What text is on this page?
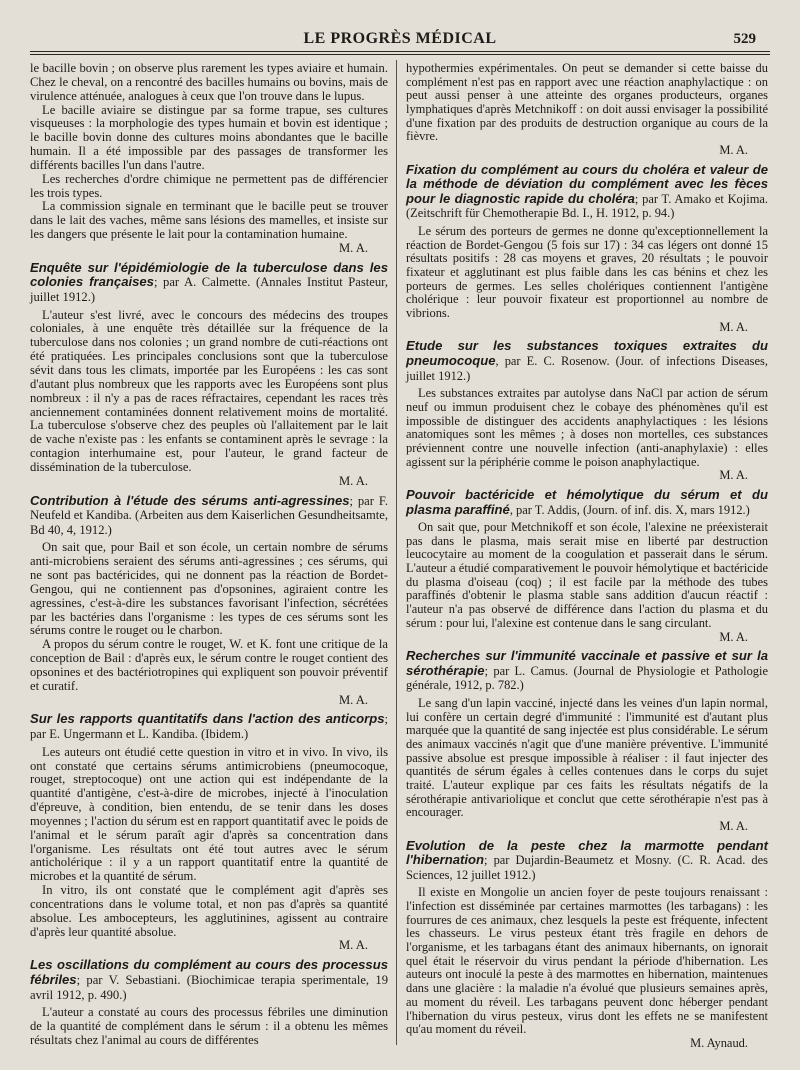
LE PROGRÈS MÉDICAL	529

le bacille bovin ; on observe plus rarement les types aviaire et humain. Chez le cheval, on a rencontré des bacilles humains ou bovins, mais de virulence atténuée, analogues à ceux que l'on trouve dans le lupus.

Le bacille aviaire se distingue par sa forme trapue, ses cultures visqueuses : la morphologie des types humain et bovin est identique ; le bacille bovin donne des cultures moins abondantes que le bacille humain. Il a été impossible par des passages de transformer les différents bacilles l'un dans l'autre.

Les recherches d'ordre chimique ne permettent pas de différencier les trois types.

La commission signale en terminant que le bacille peut se trouver dans le lait des vaches, même sans lésions des mamelles, et insiste sur les dangers que présente le lait pour la contamination humaine.

M. A.

Enquête sur l'épidémiologie de la tuberculose dans les colonies françaises; par A. Calmette. (Annales Institut Pasteur, juillet 1912.)

L'auteur s'est livré, avec le concours des médecins des troupes coloniales, à une enquête très détaillée sur la fréquence de la tuberculose dans nos colonies ; un grand nombre de cuti-réactions ont été pratiquées. Les principales conclusions sont que la tuberculose sévit dans tous les climats, importée par les Européens : les cas sont d'autant plus nombreux que les rapports avec les Européens sont plus nombreux : il n'y a pas de races réfractaires, cependant les races très anciennement contaminées donnent relativement moins de mortalité. La tuberculose s'observe chez des peuples où l'allaitement par le lait de vache n'existe pas : les enfants se contaminent après le sevrage : la contagion interhumaine est, pour l'auteur, le grand facteur de dissémination de la tuberculose.

M. A.

Contribution à l'étude des sérums anti-agressines; par F. Neufeld et Kandiba. (Arbeiten aus dem Kaiserlichen Gesundheitsamte, Bd 40, 4, 1912.)

On sait que, pour Bail et son école, un certain nombre de sérums anti-microbiens seraient des sérums anti-agressines ; ces sérums, qui ne sont pas bactéricides, qui ne donnent pas la réaction de Bordet-Gengou, qui ne contiennent pas d'opsonines, agiraient contre les agressines, c'est-à-dire les substances favorisant l'infection, sécrétées par les bactéries dans l'organisme : les types de ces sérums sont les sérums contre le rouget ou le charbon.

A propos du sérum contre le rouget, W. et K. font une critique de la conception de Bail : d'après eux, le sérum contre le rouget contient des opsonines et des bactériotropines qui expliquent son pouvoir préventif et curatif.

M. A.

Sur les rapports quantitatifs dans l'action des anticorps; par E. Ungermann et L. Kandiba. (Ibidem.)

Les auteurs ont étudié cette question in vitro et in vivo. In vivo, ils ont constaté que certains sérums antimicrobiens (pneumocoque, rouget, streptocoque) ont une action qui est indépendante de la quantité d'antigène, c'est-à-dire de microbes, injecté à l'inoculation d'épreuve, à condition, bien entendu, de se tenir dans les doses moyennes ; l'action du sérum est en rapport quantitatif avec le poids de l'animal et le sérum paraît agir d'après sa concentration dans l'organisme. Les résultats ont été tout autres avec le sérum anticholérique : il y a un rapport quantitatif entre la quantité de microbes et la quantité de sérum.

In vitro, ils ont constaté que le complément agit d'après ses concentrations dans le volume total, et non pas d'après sa quantité absolue. Les ambocepteurs, les agglutinines, agissent au contraire d'après leur quantité absolue.

M. A.

Les oscillations du complément au cours des processus fébriles; par V. Sebastiani. (Biochimicae terapia sperimentale, 19 avril 1912, p. 490.)

L'auteur a constaté au cours des processus fébriles une diminution de la quantité de complément dans le sérum : il a obtenu les mêmes résultats chez l'animal au cours de différentes

hypothermies expérimentales. On peut se demander si cette baisse du complément n'est pas en rapport avec une réaction anaphylactique : on peut aussi penser à une atteinte des organes producteurs, organes lymphatiques d'après Metchnikoff : on doit aussi envisager la possibilité d'une fixation par des produits de destruction organique au cours de la fièvre.

M. A.

Fixation du complément au cours du choléra et valeur de la méthode de déviation du complément avec les fèces pour le diagnostic rapide du choléra; par T. Amako et Kojima. (Zeitschrift für Chemotherapie Bd. I., H. 1912, p. 94.)

Le sérum des porteurs de germes ne donne qu'exceptionnellement la réaction de Bordet-Gengou (5 fois sur 17) : 34 cas légers ont donné 15 résultats positifs : 28 cas moyens et graves, 20 résultats ; le pouvoir fixateur et agglutinant est plus faible dans les cas bénins et chez les porteurs de germes. Les selles cholériques contiennent l'antigène cholérique : leur pouvoir fixateur est proportionnel au nombre de vibrions.

M. A.

Etude sur les substances toxiques extraites du pneumocoque, par E. C. Rosenow. (Jour. of infections Diseases, juillet 1912.)

Les substances extraites par autolyse dans NaCl par action de sérum neuf ou immun produisent chez le cobaye des phénomènes qu'il est impossible de distinguer des accidents anaphylactiques : les lésions anatomiques sont les mêmes ; à doses non mortelles, ces substances préviennent contre une nouvelle infection (anti-anaphylaxie) : elles agissent sur la périphérie comme le poison anaphylactique.

M. A.

Pouvoir bactéricide et hémolytique du sérum et du plasma paraffiné, par T. Addis, (Journ. of inf. dis. X, mars 1912.)

On sait que, pour Metchnikoff et son école, l'alexine ne préexisterait pas dans le plasma, mais serait mise en liberté par destruction leucocytaire au moment de la coogulation et passerait dans le sérum. L'auteur a étudié comparativement le pouvoir hémolytique et bactéricide du plasma d'oiseau (coq) ; il est facile par la méthode des tubes paraffinés d'obtenir le plasma stable sans addition d'aucun réactif : l'auteur n'a pas observé de différence dans l'action du plasma et du sérum : pour lui, l'alexine est contenue dans le sang circulant.

M. A.

Recherches sur l'immunité vaccinale et passive et sur la sérothérapie; par L. Camus. (Journal de Physiologie et Pathologie générale, 1912, p. 782.)

Le sang d'un lapin vacciné, injecté dans les veines d'un lapin normal, lui confère un certain degré d'immunité : l'immunité est d'autant plus marquée que la quantité de sang injectée est plus considérable. Le sérum des animaux vaccinés n'agit que d'une manière préventive. L'immunité passive absolue est presque impossible à réaliser : il faut injecter des quantités de sérum égales à celles contenues dans le corps du sujet traité. L'auteur explique par ces faits les résultats négatifs de la sérothérapie antivariolique et conclut que cette sérothérapie n'est pas à encourager.

M. A.

Evolution de la peste chez la marmotte pendant l'hibernation; par Dujardin-Beaumetz et Mosny. (C. R. Acad. des Sciences, 12 juillet 1912.)

Il existe en Mongolie un ancien foyer de peste toujours renaissant : l'infection est disséminée par certaines marmottes (les tarbagans) : les fourrures de ces animaux, chez lesquels la peste est fréquente, infectent les chasseurs. Le virus pesteux étant très fragile en dehors de l'organisme, et les tarbagans étant des animaux hibernants, on ignorait quel était le réservoir du virus pendant la période d'hibernation. Les auteurs ont inoculé la peste à des marmottes en hibernation, maintenues dans une glacière : la maladie n'a évolué que plusieurs semaines après, au moment du réveil. Les tarbagans peuvent donc héberger pendant l'hibernation du virus pesteux, virus dont les effets ne se manifestent qu'au moment du réveil.

M. Aynaud.
